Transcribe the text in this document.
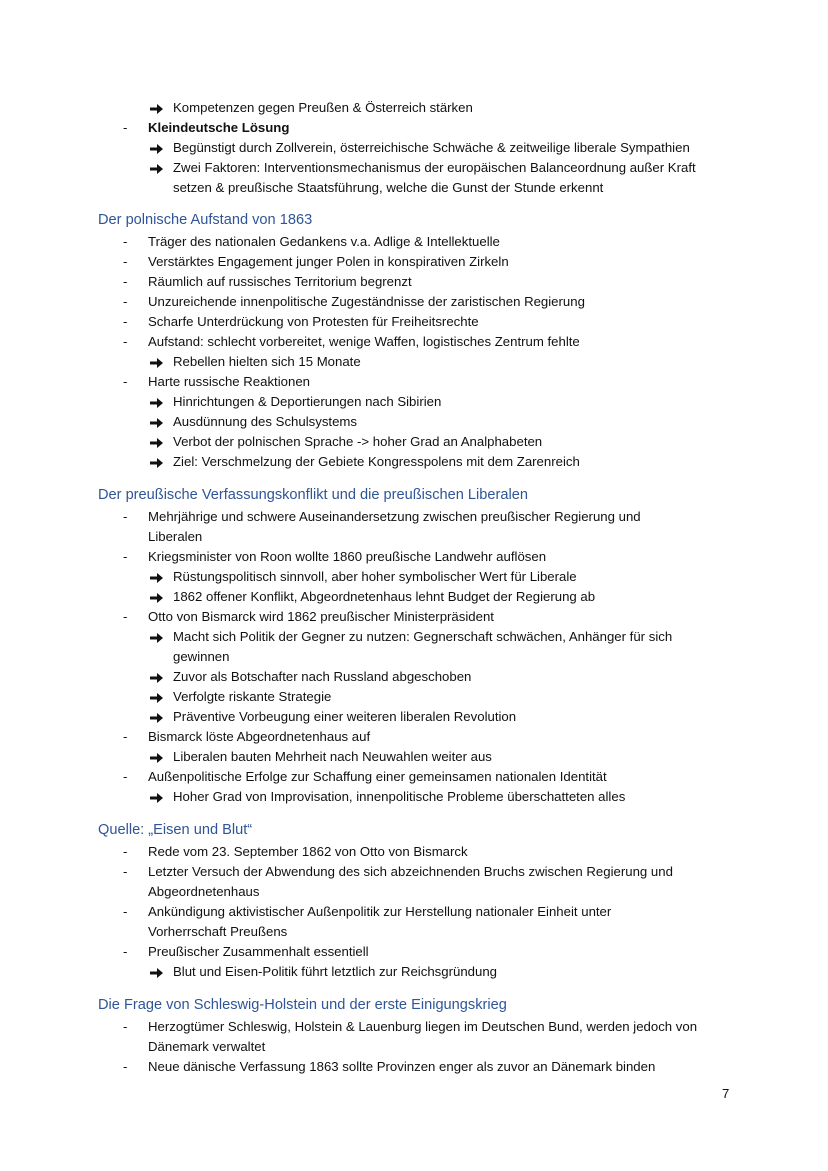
Kompetenzen gegen Preußen & Österreich stärken
- Kleindeutsche Lösung
Begünstigt durch Zollverein, österreichische Schwäche & zeitweilige liberale Sympathien
Zwei Faktoren: Interventionsmechanismus der europäischen Balanceordnung außer Kraft
setzen & preußische Staatsführung, welche die Gunst der Stunde erkennt
Der polnische Aufstand von 1863
- Träger des nationalen Gedankens v.a. Adlige & Intellektuelle
- Verstärktes Engagement junger Polen in konspirativen Zirkeln
- Räumlich auf russisches Territorium begrenzt
- Unzureichende innenpolitische Zugeständnisse der zaristischen Regierung
- Scharfe Unterdrückung von Protesten für Freiheitsrechte
- Aufstand: schlecht vorbereitet, wenige Waffen, logistisches Zentrum fehlte
Rebellen hielten sich 15 Monate
- Harte russische Reaktionen
Hinrichtungen & Deportierungen nach Sibirien
Ausdünnung des Schulsystems
Verbot der polnischen Sprache -> hoher Grad an Analphabeten
Ziel: Verschmelzung der Gebiete Kongresspolens mit dem Zarenreich
Der preußische Verfassungskonflikt und die preußischen Liberalen
- Mehrjährige und schwere Auseinandersetzung zwischen preußischer Regierung und
Liberalen
- Kriegsminister von Roon wollte 1860 preußische Landwehr auflösen
Rüstungspolitisch sinnvoll, aber hoher symbolischer Wert für Liberale
1862 offener Konflikt, Abgeordnetenhaus lehnt Budget der Regierung ab
- Otto von Bismarck wird 1862 preußischer Ministerpräsident
Macht sich Politik der Gegner zu nutzen: Gegnerschaft schwächen, Anhänger für sich
gewinnen
Zuvor als Botschafter nach Russland abgeschoben
Verfolgte riskante Strategie
Präventive Vorbeugung einer weiteren liberalen Revolution
- Bismarck löste Abgeordnetenhaus auf
Liberalen bauten Mehrheit nach Neuwahlen weiter aus
- Außenpolitische Erfolge zur Schaffung einer gemeinsamen nationalen Identität
Hoher Grad von Improvisation, innenpolitische Probleme überschatteten alles
Quelle: „Eisen und Blut“
- Rede vom 23. September 1862 von Otto von Bismarck
- Letzter Versuch der Abwendung des sich abzeichnenden Bruchs zwischen Regierung und
Abgeordnetenhaus
- Ankündigung aktivistischer Außenpolitik zur Herstellung nationaler Einheit unter
Vorherrschaft Preußens
- Preußischer Zusammenhalt essentiell
Blut und Eisen-Politik führt letztlich zur Reichsgründung
Die Frage von Schleswig-Holstein und der erste Einigungskrieg
- Herzogtümer Schleswig, Holstein & Lauenburg liegen im Deutschen Bund, werden jedoch von
Dänemark verwaltet
- Neue dänische Verfassung 1863 sollte Provinzen enger als zuvor an Dänemark binden
7
